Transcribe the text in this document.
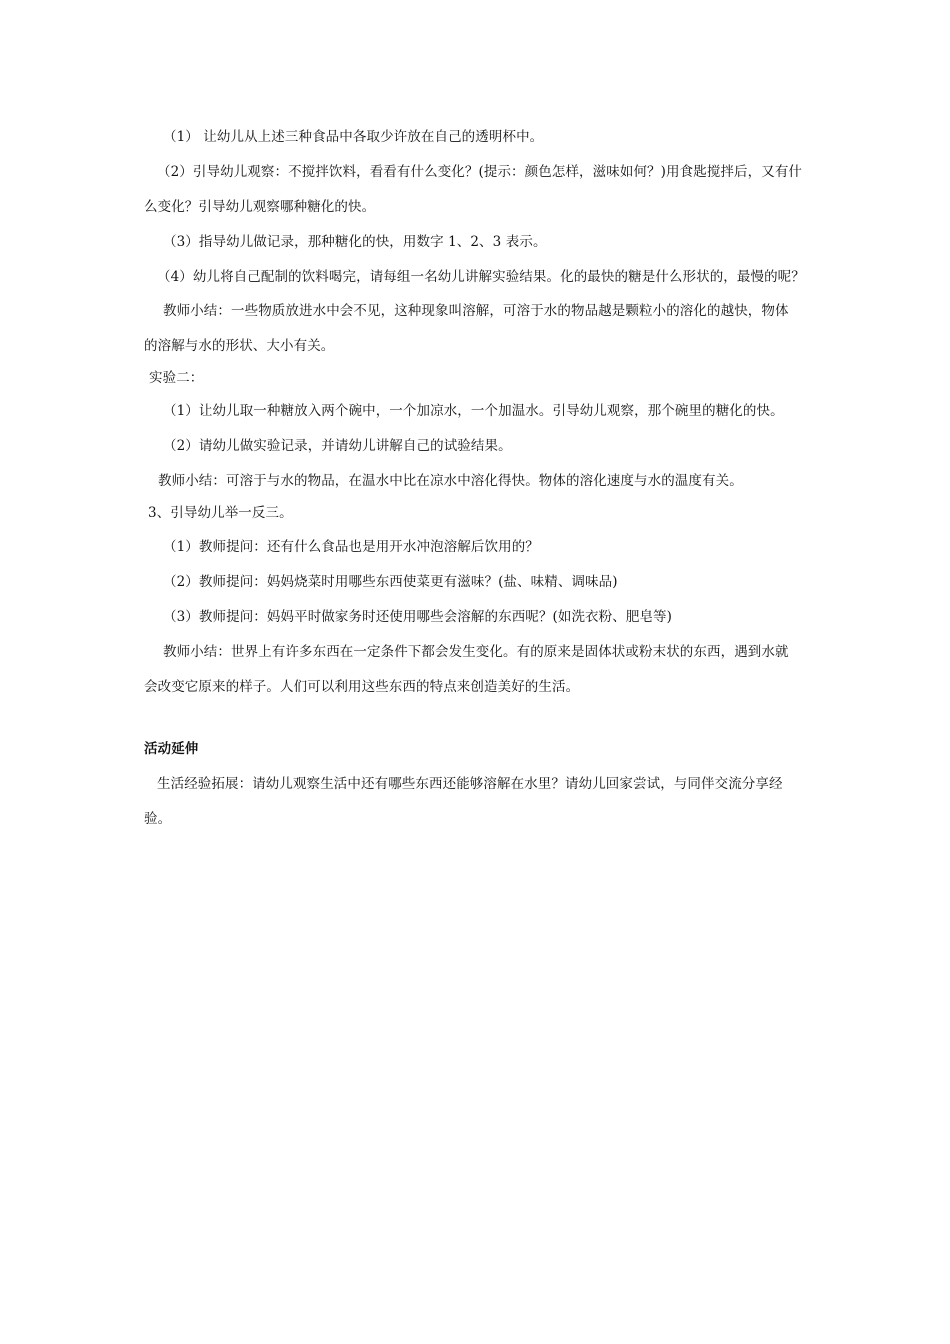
（1） 让幼儿从上述三种食品中各取少许放在自己的透明杯中。
（2）引导幼儿观察：不搅拌饮料，看看有什么变化？(提示：颜色怎样，滋味如何？)用食匙搅拌后，又有什
么变化？引导幼儿观察哪种糖化的快。
（3）指导幼儿做记录，那种糖化的快，用数字 1、2、3 表示。
（4）幼儿将自己配制的饮料喝完，请每组一名幼儿讲解实验结果。化的最快的糖是什么形状的，最慢的呢？
教师小结：一些物质放进水中会不见，这种现象叫溶解，可溶于水的物品越是颗粒小的溶化的越快，物体
的溶解与水的形状、大小有关。
实验二：
（1）让幼儿取一种糖放入两个碗中，一个加凉水，一个加温水。引导幼儿观察，那个碗里的糖化的快。
（2）请幼儿做实验记录，并请幼儿讲解自己的试验结果。
教师小结：可溶于与水的物品，在温水中比在凉水中溶化得快。物体的溶化速度与水的温度有关。
3、引导幼儿举一反三。
（1）教师提问：还有什么食品也是用开水冲泡溶解后饮用的？
（2）教师提问：妈妈烧菜时用哪些东西使菜更有滋味？(盐、味精、调味品)
（3）教师提问：妈妈平时做家务时还使用哪些会溶解的东西呢？(如洗衣粉、肥皂等)
教师小结：世界上有许多东西在一定条件下都会发生变化。有的原来是固体状或粉末状的东西，遇到水就
会改变它原来的样子。人们可以利用这些东西的特点来创造美好的生活。
活动延伸
生活经验拓展：请幼儿观察生活中还有哪些东西还能够溶解在水里？请幼儿回家尝试，与同伴交流分享经
验。
